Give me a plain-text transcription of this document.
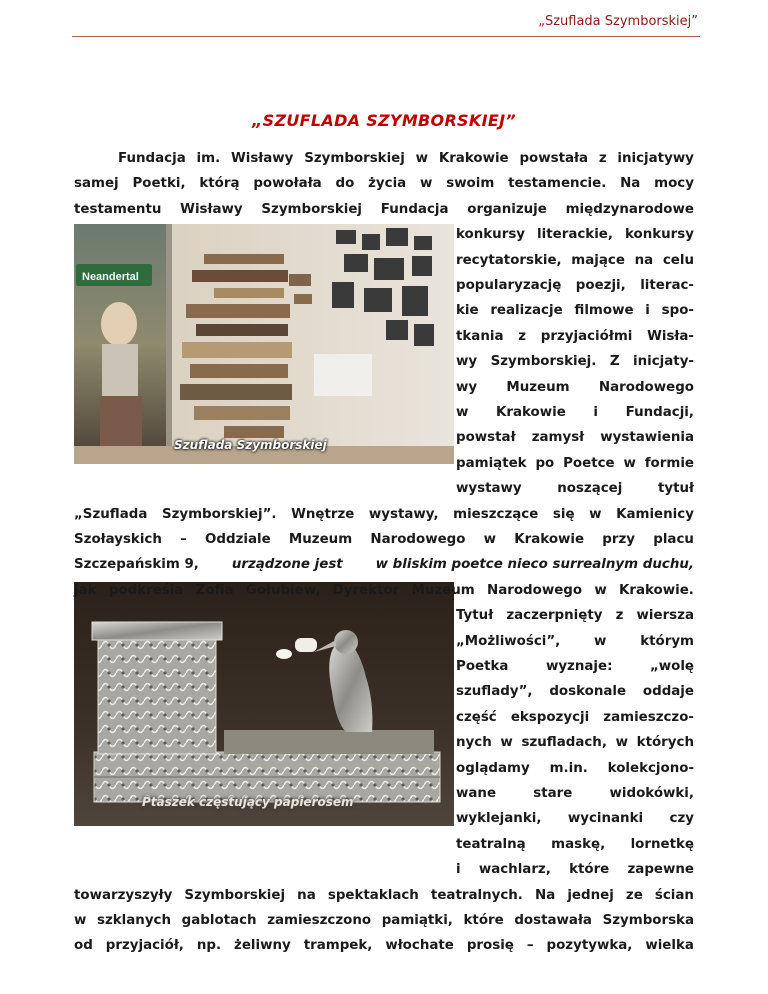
„Szuflada Szymborskiej”
„SZUFLADA SZYMBORSKIEJ”
Neandertal
Szuflada Szymborskiej
Ptaszek częstujący papierosem
Fundacja im. Wisławy Szymborskiej w Krakowie powstała z inicjatywy
samej Poetki, którą powołała do życia w swoim testamencie. Na mocy
testamentu Wisławy Szymborskiej Fundacja organizuje międzynarodowe
konkursy literackie, konkursy
recytatorskie, mające na celu
popularyzację poezji, literac-
kie realizacje filmowe i spo-
tkania z przyjaciółmi Wisła-
wy Szymborskiej. Z inicjaty-
wy Muzeum Narodowego
w Krakowie i Fundacji,
powstał zamysł wystawienia
pamiątek po Poetce w formie
wystawy	noszącej	tytuł
„Szuflada Szymborskiej”. Wnętrze wystawy, mieszczące się w Kamienicy
Szołayskich – Oddziale Muzeum Narodowego w Krakowie przy placu
Szczepańskim 9, urządzone jest w bliskim poetce nieco surrealnym duchu,
jak podkreśla Zofia Gołubiew, Dyrektor Muzeum Narodowego w Krakowie.
Tytuł zaczerpnięty z wiersza
„Możliwości”,	w	którym
Poetka	wyznaje:	„wolę
szuflady”, doskonale oddaje
część ekspozycji zamieszczo-
nych w szufladach, w których
oglądamy m.in. kolekcjono-
wane	stare	widokówki,
wyklejanki, wycinanki czy
teatralną maskę, lornetkę
i wachlarz, które zapewne
towarzyszyły Szymborskiej na spektaklach teatralnych. Na jednej ze ścian
w szklanych gablotach zamieszczono pamiątki, które dostawała Szymborska
od przyjaciół, np. żeliwny trampek, włochate prosię – pozytywka, wielka
